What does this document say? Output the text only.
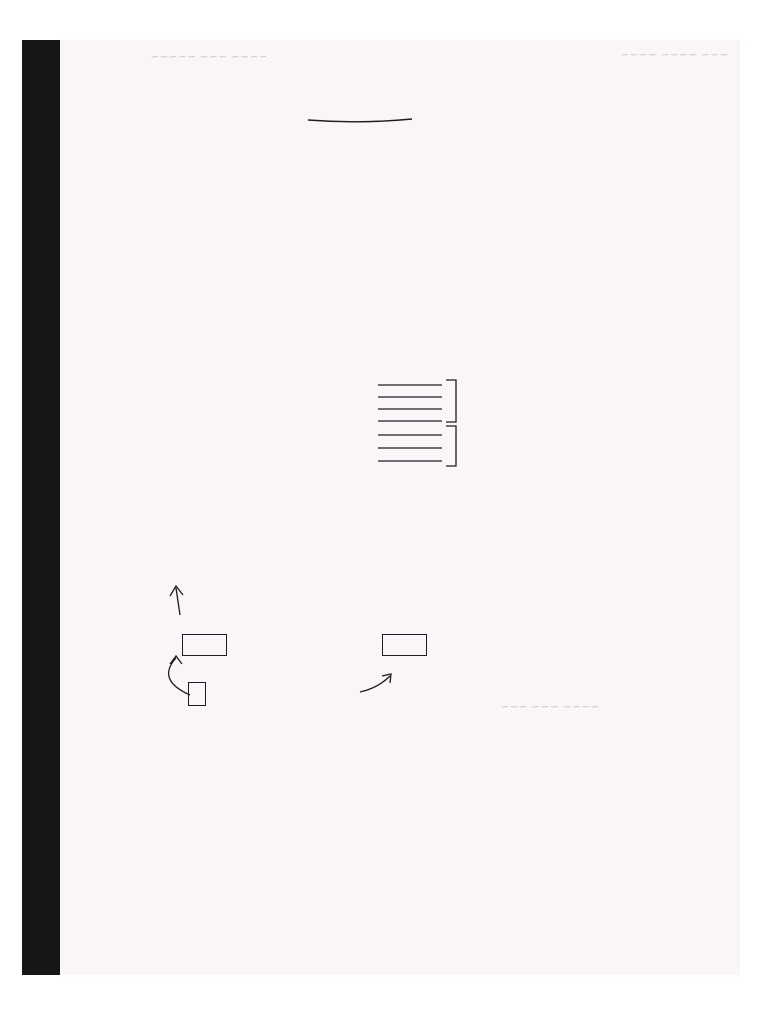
~~~ ~~~~ ~~~~
~~~~ ~~~ ~~~~~
~~~~ ~~~ ~~~
